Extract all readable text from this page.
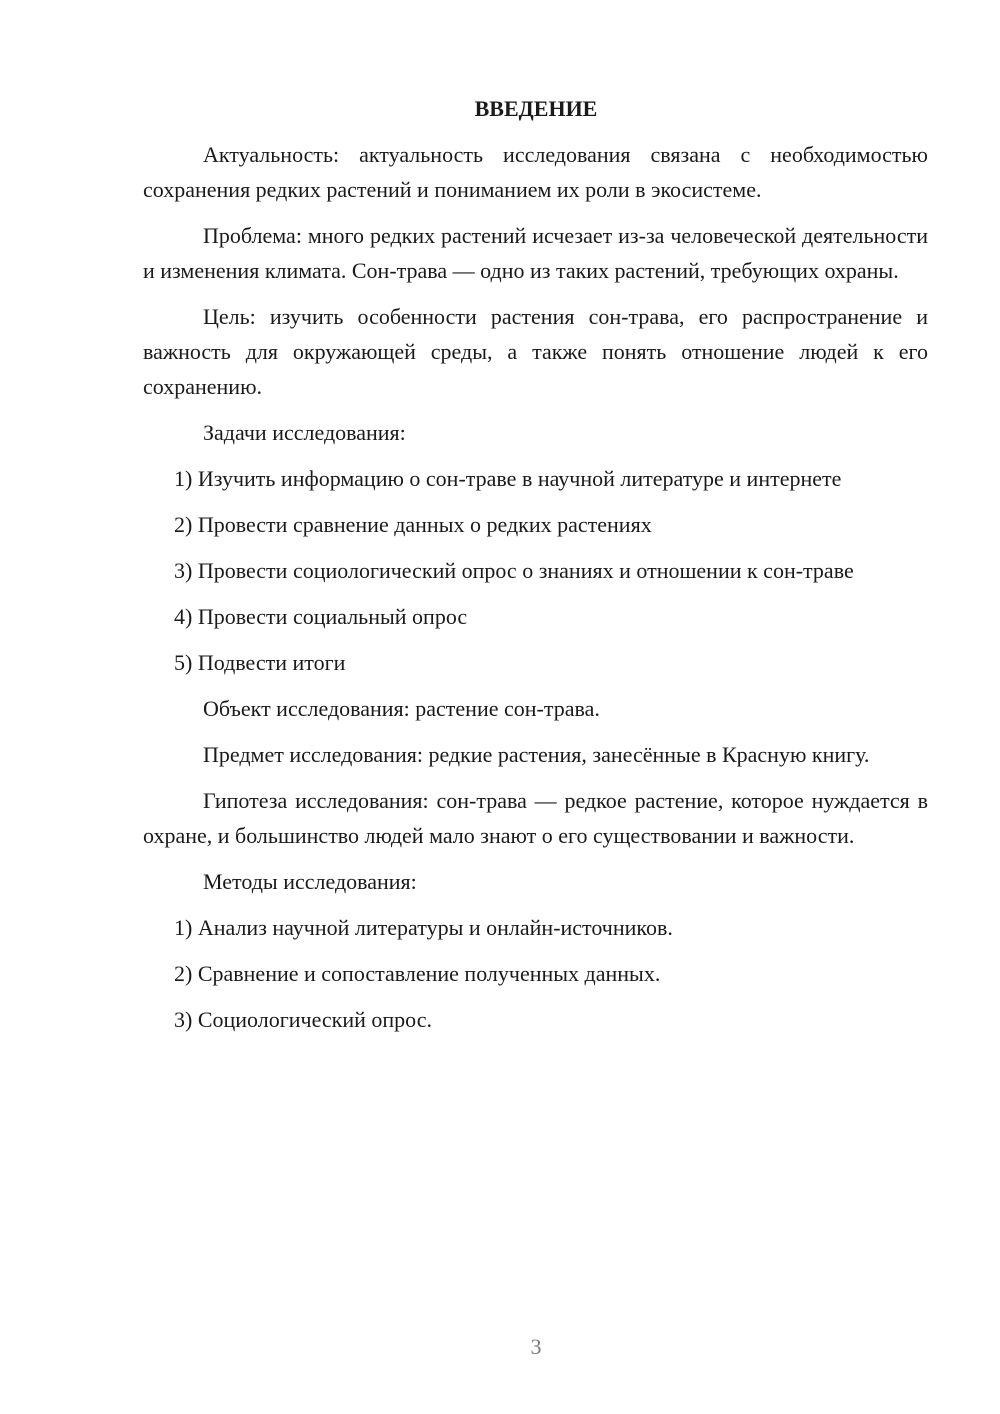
ВВЕДЕНИЕ

Актуальность: актуальность исследования связана с необходимостью сохранения редких растений и пониманием их роли в экосистеме.

Проблема: много редких растений исчезает из-за человеческой деятельности и изменения климата. Сон-трава — одно из таких растений, требующих охраны.

Цель: изучить особенности растения сон-трава, его распространение и важность для окружающей среды, а также понять отношение людей к его сохранению.

Задачи исследования:

1) Изучить информацию о сон-траве в научной литературе и интернете

2) Провести сравнение данных о редких растениях

3) Провести социологический опрос о знаниях и отношении к сон-траве

4) Провести социальный опрос

5) Подвести итоги

Объект исследования: растение сон-трава.

Предмет исследования: редкие растения, занесённые в Красную книгу.

Гипотеза исследования: сон-трава — редкое растение, которое нуждается в охране, и большинство людей мало знают о его существовании и важности.

Методы исследования:

1) Анализ научной литературы и онлайн-источников.

2) Сравнение и сопоставление полученных данных.

3) Социологический опрос.

3
